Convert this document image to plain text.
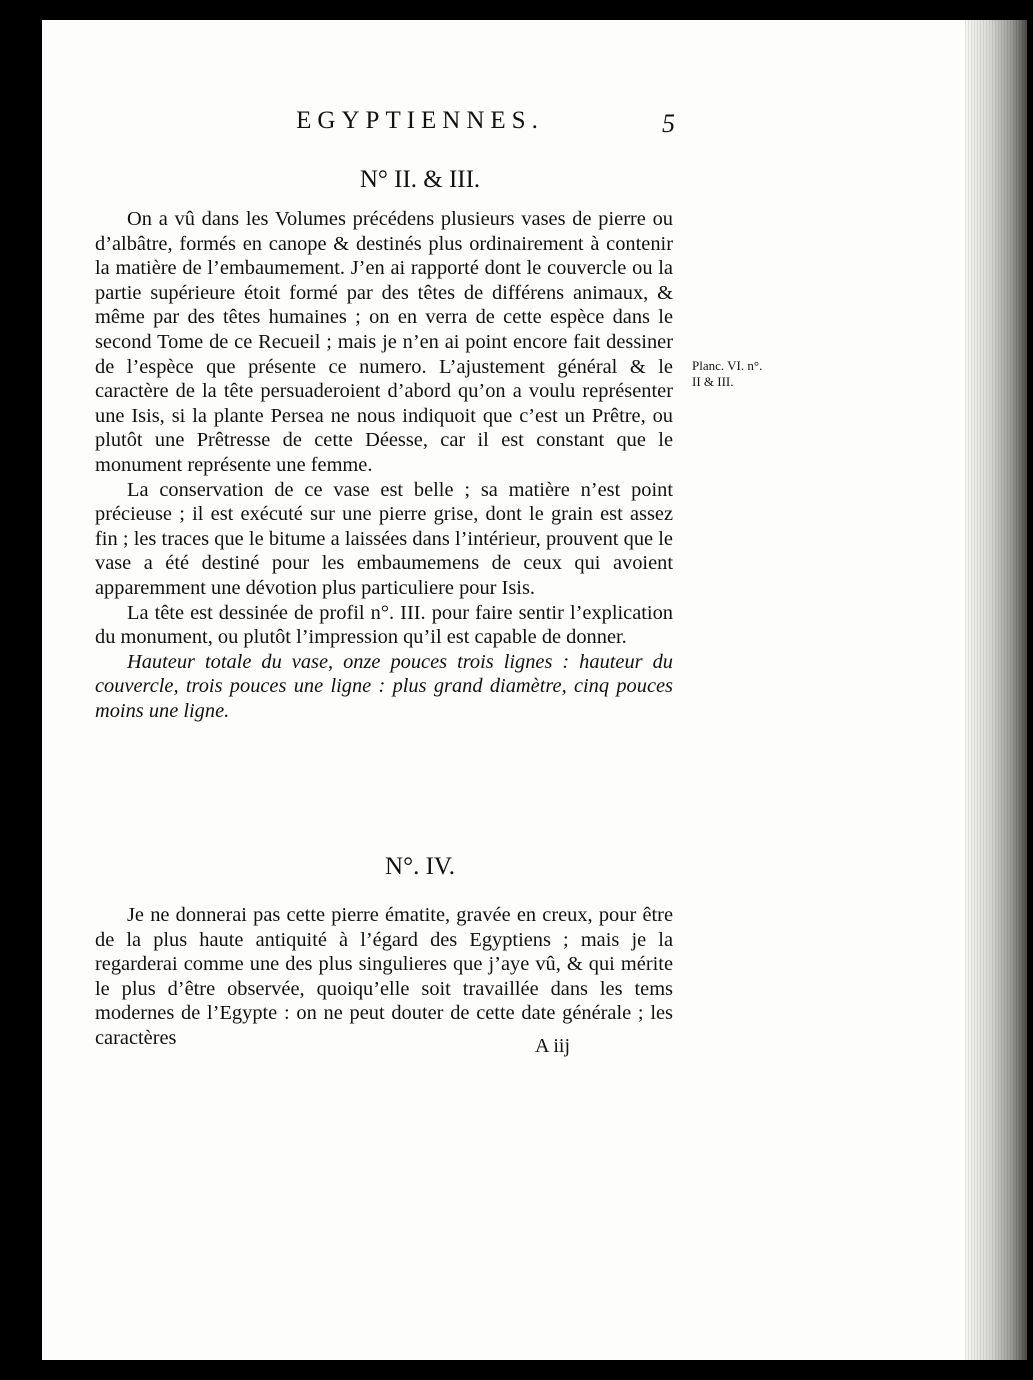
EGYPTIENNES.	5
N° II. & III.

On a vû dans les Volumes précédens plusieurs vases de pierre ou d’albâtre, formés en canope & destinés plus ordinairement à contenir la matière de l’embaumement. J’en ai rapporté dont le couvercle ou la partie supérieure étoit formé par des têtes de différens animaux, & même par des têtes humaines ; on en verra de cette espèce dans le second Tome de ce Recueil ; mais je n’en ai point encore fait dessiner de l’espèce que présente ce numero. L’ajustement général & le caractère de la tête persuaderoient d’abord qu’on a voulu représenter une Isis, si la plante Persea ne nous indiquoit que c’est un Prêtre, ou plutôt une Prêtresse de cette Déesse, car il est constant que le monument représente une femme.

La conservation de ce vase est belle ; sa matière n’est point précieuse ; il est exécuté sur une pierre grise, dont le grain est assez fin ; les traces que le bitume a laissées dans l’intérieur, prouvent que le vase a été destiné pour les embaumemens de ceux qui avoient apparemment une dévotion plus particuliere pour Isis.

La tête est dessinée de profil n°. III. pour faire sentir l’explication du monument, ou plutôt l’impression qu’il est capable de donner.

Hauteur totale du vase, onze pouces trois lignes : hauteur du couvercle, trois pouces une ligne : plus grand diamètre, cinq pouces moins une ligne.

Planc. VI. n°.
II & III.
N°. IV.

Je ne donnerai pas cette pierre ématite, gravée en creux, pour être de la plus haute antiquité à l’égard des Egyptiens ; mais je la regarderai comme une des plus singulieres que j’aye vû, & qui mérite le plus d’être observée, quoiqu’elle soit travaillée dans les tems modernes de l’Egypte : on ne peut douter de cette date générale ; les caractères	A iij
